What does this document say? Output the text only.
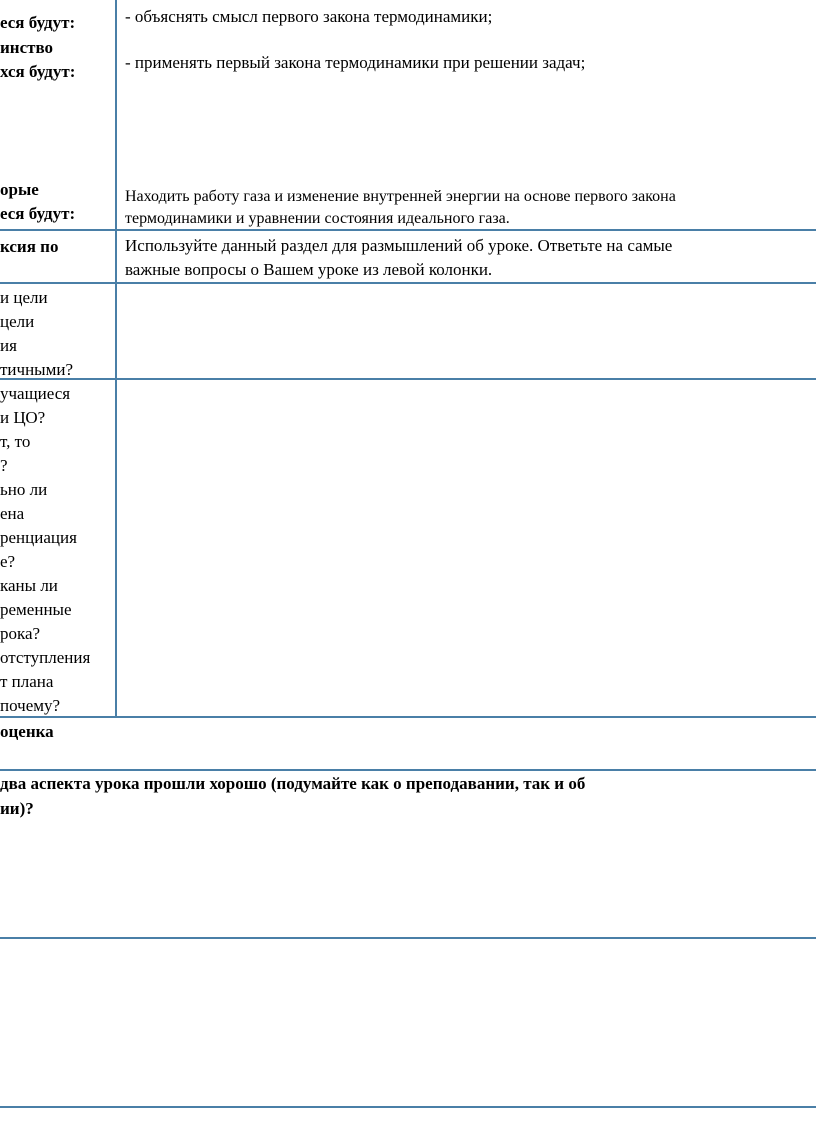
еся будут:
инство
хся будут:
орые
еся будут:
- объяснять смысл первого закона термодинамики;
- применять первый закона термодинамики при решении задач;
Находить работу газа и изменение внутренней энергии на основе первого закона
термодинамики и уравнении состояния идеального газа.
ксия по	Используйте данный раздел для размышлений об уроке. Ответьте на самые
важные вопросы о Вашем уроке из левой колонки.
и цели
цели
ия
тичными?
учащиеся
и ЦО?
т, то
?
ьно ли
ена
ренциация
е?
каны ли
ременные
рока?
отступления
т плана
почему?
оценка
два аспекта урока прошли хорошо (подумайте как о преподавании, так и об
ии)?
